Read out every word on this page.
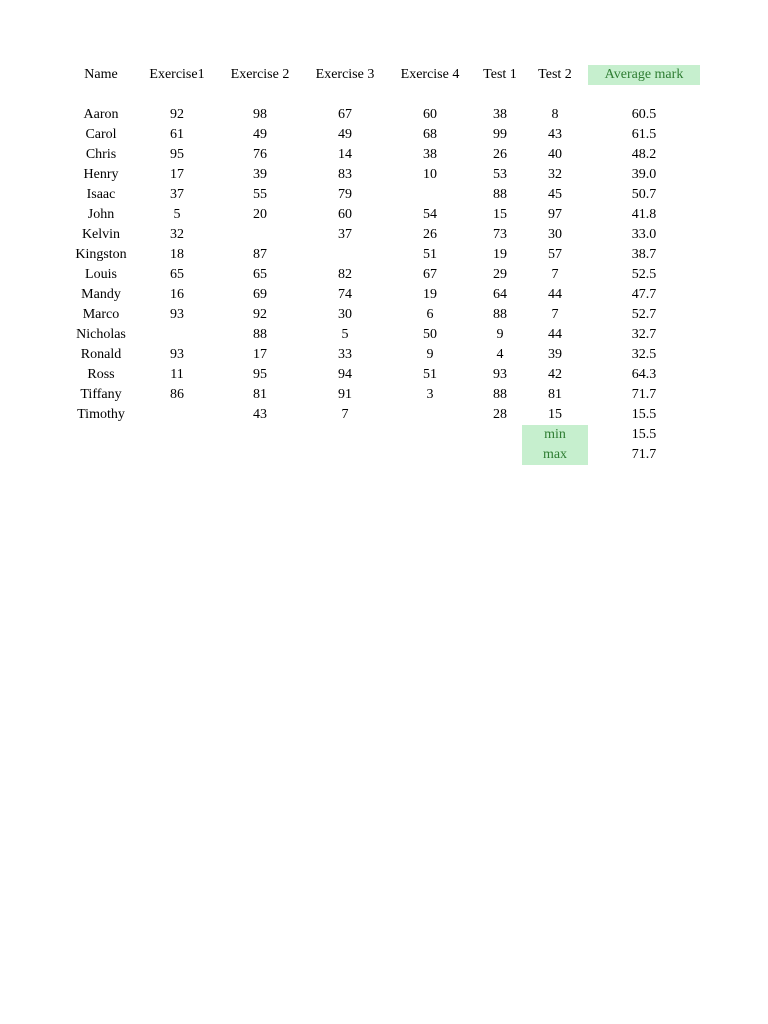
Name	Exercise1	Exercise 2	Exercise 3	Exercise 4	Test 1	Test 2	Average mark

Aaron	92	98	67	60	38	8	60.5
Carol	61	49	49	68	99	43	61.5
Chris	95	76	14	38	26	40	48.2
Henry	17	39	83	10	53	32	39.0
Isaac	37	55	79		88	45	50.7
John	5	20	60	54	15	97	41.8
Kelvin	32		37	26	73	30	33.0
Kingston	18	87		51	19	57	38.7
Louis	65	65	82	67	29	7	52.5
Mandy	16	69	74	19	64	44	47.7
Marco	93	92	30	6	88	7	52.7
Nicholas		88	5	50	9	44	32.7
Ronald	93	17	33	9	4	39	32.5
Ross	11	95	94	51	93	42	64.3
Tiffany	86	81	91	3	88	81	71.7
Timothy		43	7		28	15	15.5
						min	15.5
						max	71.7
